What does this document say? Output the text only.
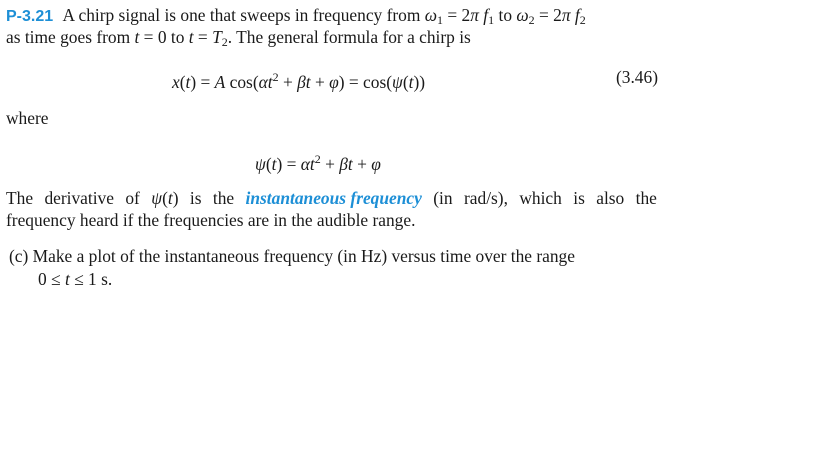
P-3.21 A chirp signal is one that sweeps in frequency from $\omega_1 = 2\pi$ $f_1$ to $\omega_2 = 2\pi$ $f_2$
as time goes from t = 0 to $t = T_2$. The general formula for a chirp is
x(t) = A $\cos(\alpha t^2 + \beta t + \varphi) = \cos(\psi(t))$	(3.46)
where
$\psi(t) = \alpha t^2 + \beta t + \varphi$
The derivative of ψ(t) is the instantaneous frequency (in rad/s), which is also the
frequency heard if the frequencies are in the audible range.
(c) Make a plot of the instantaneous frequency (in Hz) versus time over the range
0 ≤ t ≤ 1 s.
